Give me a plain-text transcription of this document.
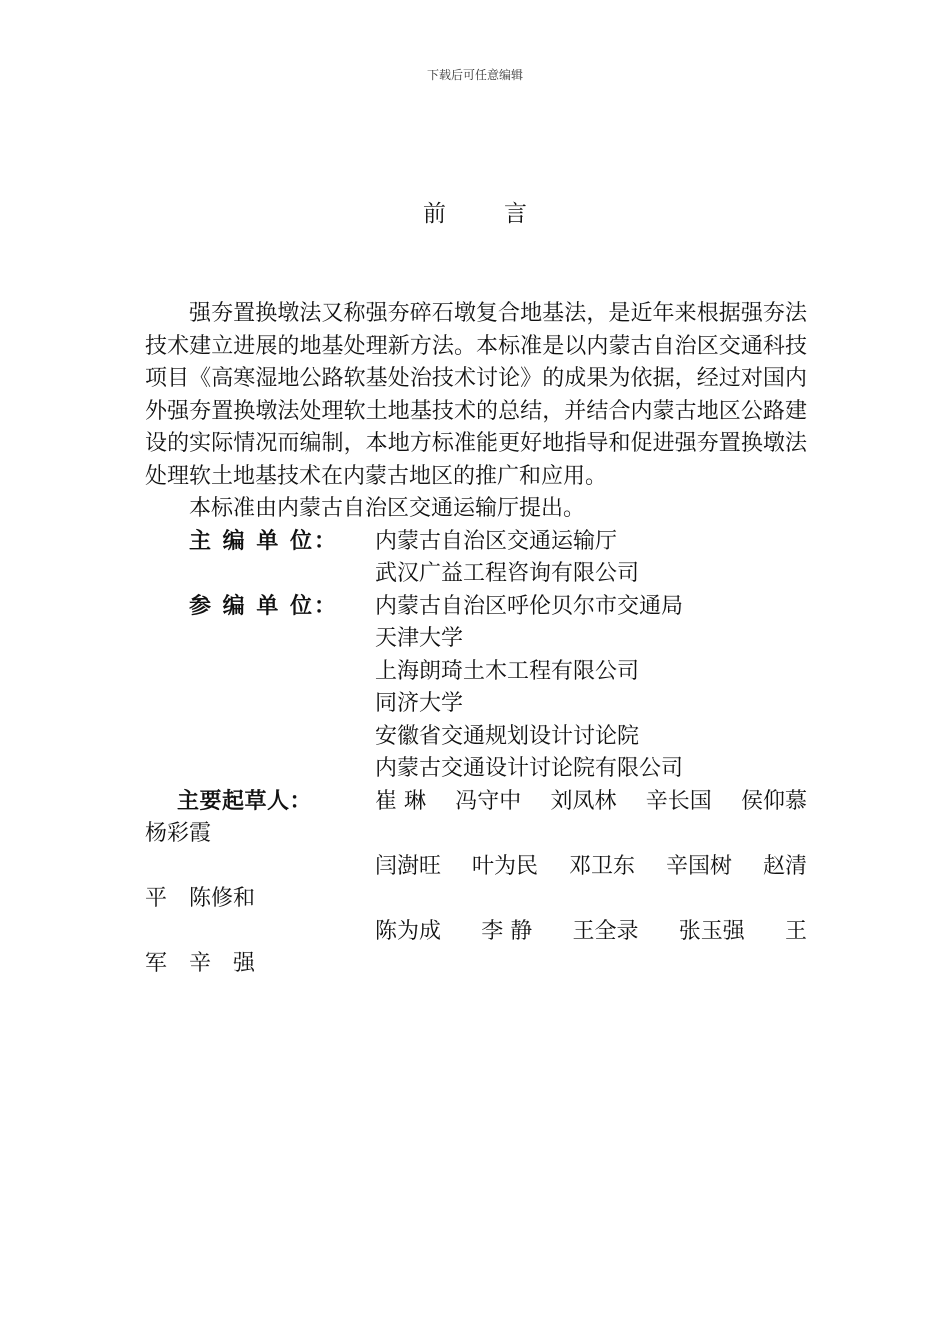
下载后可任意编辑
前言

强夯置换墩法又称强夯碎石墩复合地基法，是近年来根据强夯法技术建立进展的地基处理新方法。本标准是以内蒙古自治区交通科技项目《高寒湿地公路软基处治技术讨论》的成果为依据，经过对国内外强夯置换墩法处理软土地基技术的总结，并结合内蒙古地区公路建设的实际情况而编制，本地方标准能更好地指导和促进强夯置换墩法处理软土地基技术在内蒙古地区的推广和应用。

本标准由内蒙古自治区交通运输厅提出。

主 编 单 位：	内蒙古自治区交通运输厅
武汉广益工程咨询有限公司
参 编 单 位：	内蒙古自治区呼伦贝尔市交通局
天津大学
上海朗琦土木工程有限公司
同济大学
安徽省交通规划设计讨论院
内蒙古交通设计讨论院有限公司
主要起草人：	崔 琳 冯守中 刘凤林 辛长国 侯仰慕
杨彩霞
闫澍旺 叶为民 邓卫东 辛国树 赵清
平 陈修和
陈为成 李 静 王全录 张玉强 王
军 辛 强
